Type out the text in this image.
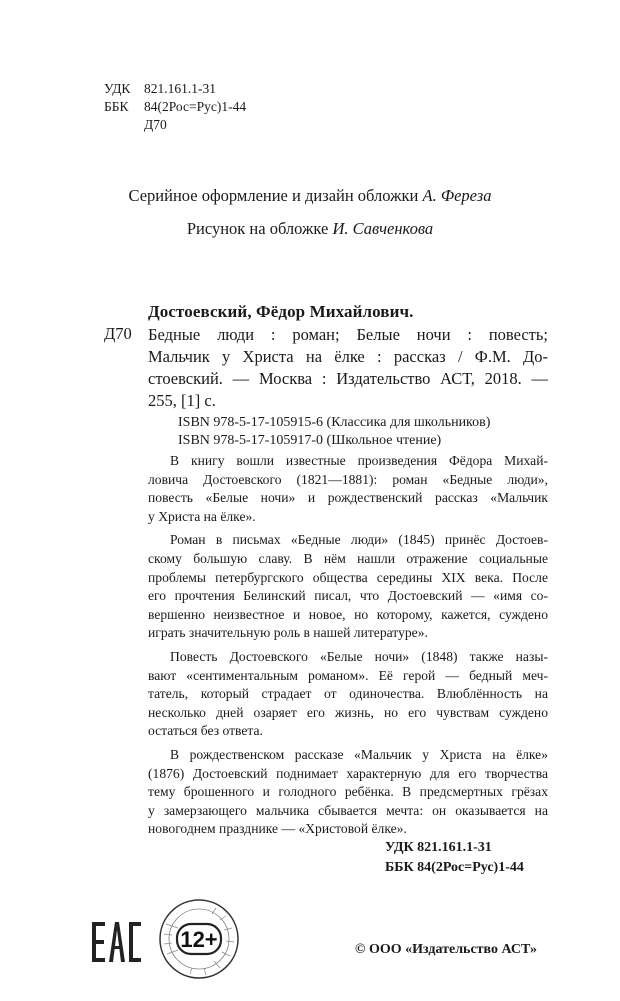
УДК 821.161.1-31
ББК 84(2Рос=Рус)1-44
Д70
Серийное оформление и дизайн обложки А. Фереза
Рисунок на обложке И. Савченкова
Достоевский, Фёдор Михайлович.
Д70 Бедные люди : роман; Белые ночи : повесть;
Мальчик у Христа на ёлке : рассказ / Ф.М. До-
стоевский. — Москва : Издательство АСТ, 2018. —
255, [1] с.
ISBN 978-5-17-105915-6 (Классика для школьников)
ISBN 978-5-17-105917-0 (Школьное чтение)
В книгу вошли известные произведения Фёдора Михай-
ловича Достоевского (1821—1881): роман «Бедные люди»,
повесть «Белые ночи» и рождественский рассказ «Мальчик
у Христа на ёлке».
Роман в письмах «Бедные люди» (1845) принёс Достоев-
скому большую славу. В нём нашли отражение социальные
проблемы петербургского общества середины XIX века. После
его прочтения Белинский писал, что Достоевский — «имя со-
вершенно неизвестное и новое, но которому, кажется, суждено
играть значительную роль в нашей литературе».
Повесть Достоевского «Белые ночи» (1848) также назы-
вают «сентиментальным романом». Её герой — бедный меч-
татель, который страдает от одиночества. Влюблённость на
несколько дней озаряет его жизнь, но его чувствам суждено
остаться без ответа.
В рождественском рассказе «Мальчик у Христа на ёлке»
(1876) Достоевский поднимает характерную для его творчества
тему брошенного и голодного ребёнка. В предсмертных грёзах
у замерзающего мальчика сбывается мечта: он оказывается на
новогоднем празднике — «Христовой ёлке».
УДК 821.161.1-31
ББК 84(2Рос=Рус)1-44
12+	© ООО «Издательство АСТ»
